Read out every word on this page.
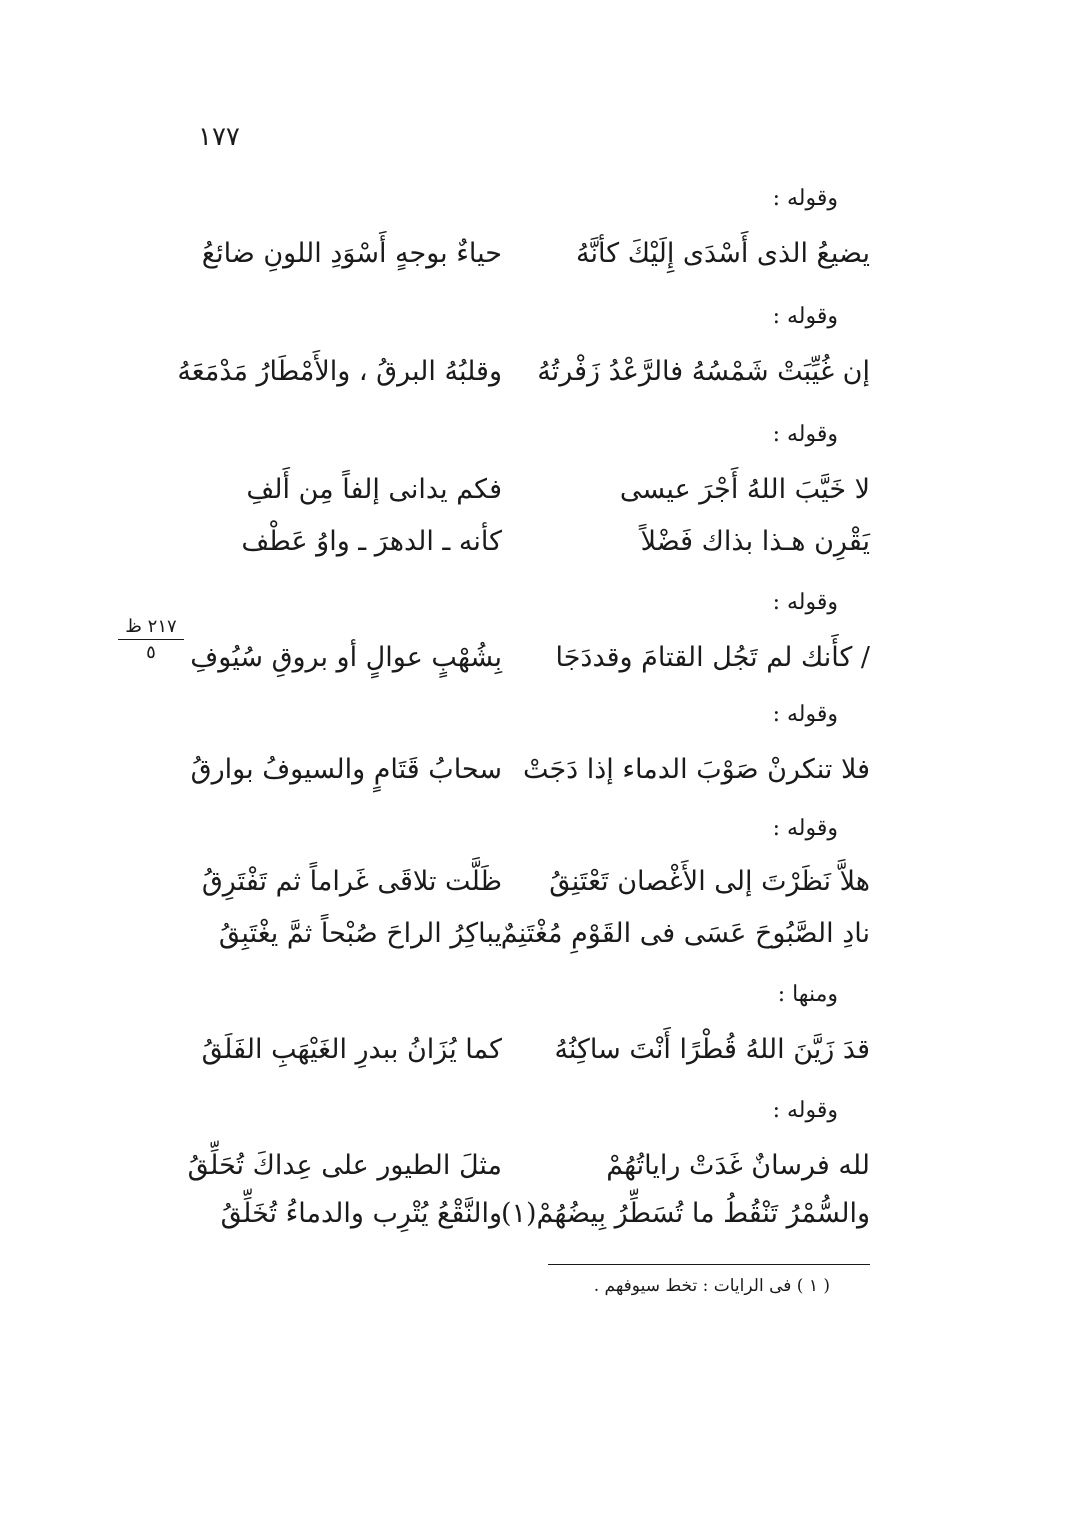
١٧٧
وقوله :
يضيعُ الذى أَسْدَى إِلَيْكَ كأنَّهُ
حياءٌ بوجهٍ أَسْوَدِ اللونِ ضائعُ
وقوله :
إن غُيِّبَتْ شَمْسُهُ فالرَّعْدُ زَفْرتُهُ
وقلبُهُ البرقُ ، والأَمْطَارُ مَدْمَعَهُ
وقوله :
لا خَيَّبَ اللهُ أَجْرَ عيسى
فكم يدانى إلفاً مِن أَلفِ
يَقْرِن هـذا بذاك فَضْلاً
كأنه ـ الدهرَ ـ واوُ عَطْف
وقوله :
/ كأَنك لم تَجُل القتامَ وقددَجَا
بِشُهْبٍ عوالٍ أو بروقِ سُيُوفِ
٢١٧ ظ
٥
وقوله :
فلا تنكرنْ صَوْبَ الدماء إذا دَجَتْ
سحابُ قَتَامٍ والسيوفُ بوارقُ
وقوله :
هلاَّ نَظَرْتَ إلى الأَغْصان تَعْتَنِقُ
ظَلَّت تلاقَى غَراماً ثم تَفْتَرِقُ
نادِ الصَّبُوحَ عَسَى فى القَوْمِ مُغْتَنِمٌ
يباكِرُ الراحَ صُبْحاً ثمَّ يغْتَبِقُ
ومنها :
قدَ زَيَّنَ اللهُ قُطْرًا أَنْتَ ساكِنُهُ
كما يُزَانُ ببدرِ الغَيْهَبِ الفَلَقُ
وقوله :
لله فرسانٌ غَدَتْ راياتُهُمْ
مثلَ الطيور على عِداكَ تُحَلِّقُ
والسُّمْرُ تَنْقُطُ ما تُسَطِّرُ بِيضُهُمْ(١)
والنَّقْعُ يُتْرِب والدماءُ تُخَلِّقُ
( ١ ) فى الرايات : تخط سيوفهم .
